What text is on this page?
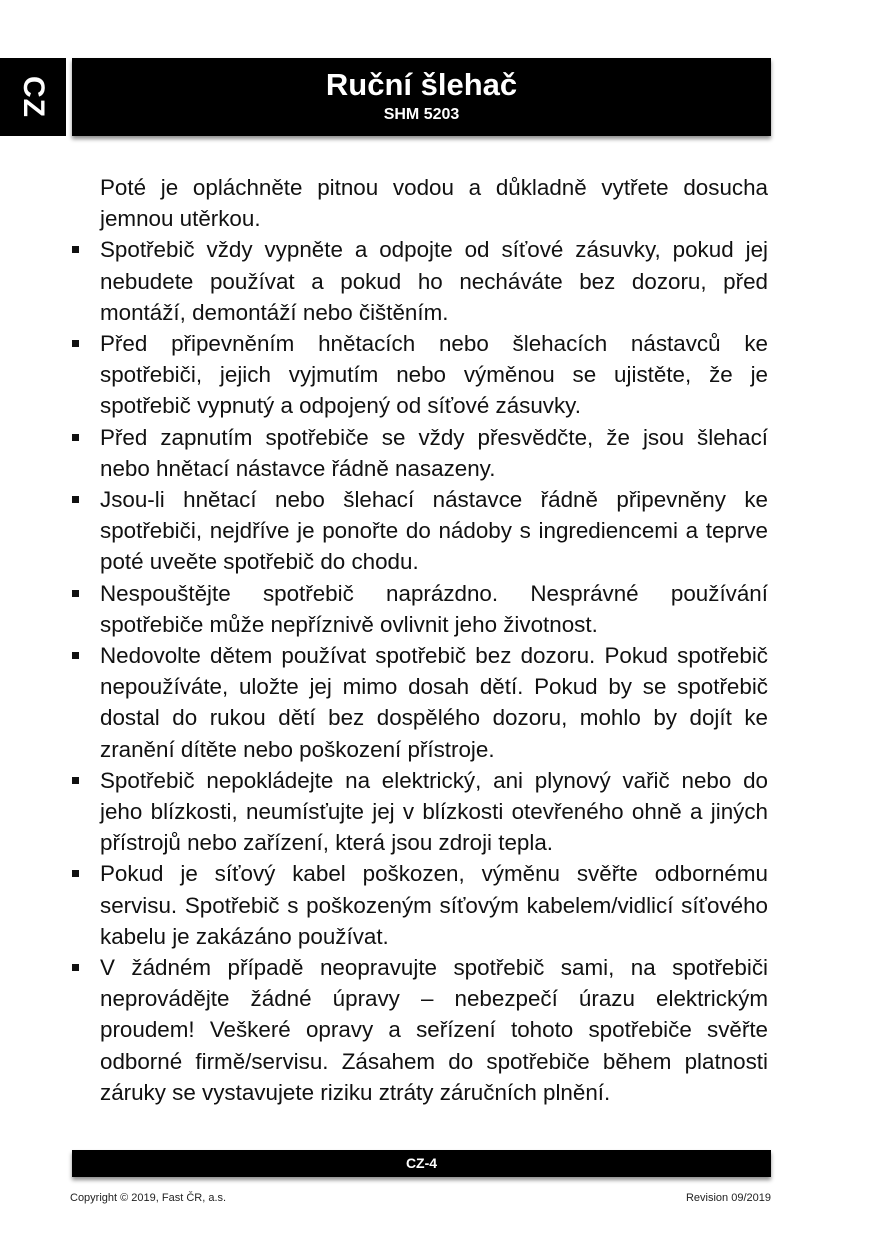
CZ	Ruční šlehač
SHM 5203

Poté je opláchněte pitnou vodou a důkladně vytřete dosucha jemnou utěrkou.

Spotřebič vždy vypněte a odpojte od síťové zásuvky, pokud jej nebudete používat a pokud ho necháváte bez dozoru, před montáží, demontáží nebo čištěním.
Před připevněním hnětacích nebo šlehacích nástavců ke spotřebiči, jejich vyjmutím nebo výměnou se ujistěte, že je spotřebič vypnutý a odpojený od síťové zásuvky.
Před zapnutím spotřebiče se vždy přesvědčte, že jsou šlehací nebo hnětací nástavce řádně nasazeny.
Jsou-li hnětací nebo šlehací nástavce řádně připevněny ke spotřebiči, nejdříve je ponořte do nádoby s ingrediencemi a teprve poté uveěte spotřebič do chodu.
Nespouštějte spotřebič naprázdno. Nesprávné používání spotřebiče může nepříznivě ovlivnit jeho životnost.
Nedovolte dětem používat spotřebič bez dozoru. Pokud spotřebič nepoužíváte, uložte jej mimo dosah dětí. Pokud by se spotřebič dostal do rukou dětí bez dospělého dozoru, mohlo by dojít ke zranění dítěte nebo poškození přístroje.
Spotřebič nepokládejte na elektrický, ani plynový vařič nebo do jeho blízkosti, neumísťujte jej v blízkosti otevřeného ohně a jiných přístrojů nebo zařízení, která jsou zdroji tepla.
Pokud je síťový kabel poškozen, výměnu svěřte odbornému servisu. Spotřebič s poškozeným síťovým kabelem/vidlicí síťového kabelu je zakázáno používat.
V žádném případě neopravujte spotřebič sami, na spotřebiči neprovádějte žádné úpravy – nebezpečí úrazu elektrickým proudem! Veškeré opravy a seřízení tohoto spotřebiče svěřte odborné firmě/servisu. Zásahem do spotřebiče během platnosti záruky se vystavujete riziku ztráty záručních plnění.
CZ-4
Copyright © 2019, Fast ČR, a.s.	Revision 09/2019
